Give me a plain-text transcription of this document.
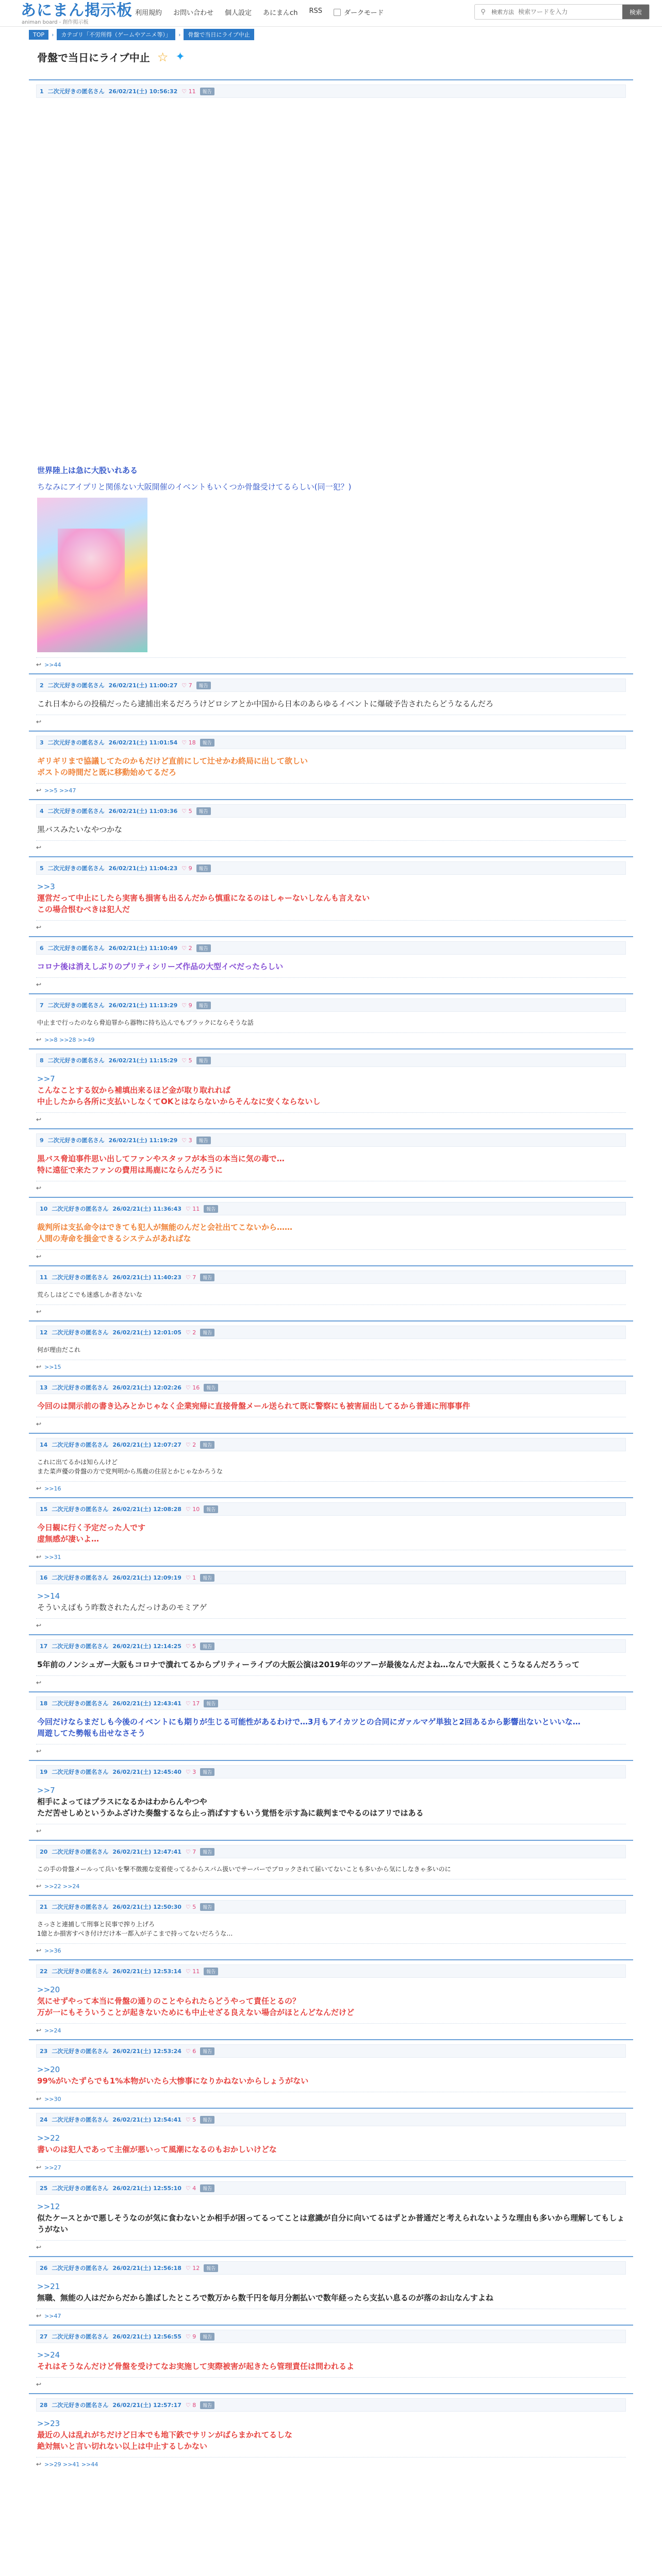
あにまん掲示板
animan board - 創作掲示板
利用規約 お問い合わせ 個人設定 あにまんch RSS	ダークモード	⚲	検索方法
検索ワードを入力	検索
TOP	›	カテゴリ「不労所得（ゲームやアニメ等）」	›	骨盤で当日にライブ中止
骨盤で当日にライブ中止 ☆ ✦
1 二次元好きの匿名さん 26/02/21(土) 10:56:32 ♡ 11	報告
世界陸上は急に大股いれある
ちなみにアイプリと関係ない大阪開催のイベントもいくつか骨盤受けてるらしい(同一犯？)
↩ >>44
2 二次元好きの匿名さん 26/02/21(土) 11:00:27 ♡ 7	報告
これ日本からの投稿だったら逮捕出来るだろうけどロシアとか中国から日本のあらゆるイベントに爆破予告されたらどうなるんだろ
↩
3 二次元好きの匿名さん 26/02/21(土) 11:01:54 ♡ 18	報告
ギリギリまで協議してたのかもだけど直前にして辻せかわ終局に出して欲しい
ポストの時間だと既に移動始めてるだろ
↩ >>5 >>47
4 二次元好きの匿名さん 26/02/21(土) 11:03:36 ♡ 5	報告
黒バスみたいなやつかな
↩
5 二次元好きの匿名さん 26/02/21(土) 11:04:23 ♡ 9	報告
>>3
運営だって中止にしたら実害も損害も出るんだから慎重になるのはしゃーないしなんも言えない
この場合恨むべきは犯人だ
↩
6 二次元好きの匿名さん 26/02/21(土) 11:10:49 ♡ 2	報告
コロナ後は消えしぶりのプリティシリーズ作品の大型イベだったらしい
↩
7 二次元好きの匿名さん 26/02/21(土) 11:13:29 ♡ 9	報告
中止まで行ったのなら脅迫罪から器物に持ち込んでもブラックにならそうな話
↩ >>8 >>28 >>49
8 二次元好きの匿名さん 26/02/21(土) 11:15:29 ♡ 5	報告
>>7
こんなことする奴から補填出来るほど金が取り取れれば
中止したから各所に支払いしなくてOKとはならないからそんなに安くならないし
↩
9 二次元好きの匿名さん 26/02/21(土) 11:19:29 ♡ 3	報告
黒バス脅迫事件思い出してファンやスタッフが本当の本当に気の毒で…
特に遠征で来たファンの費用は馬鹿にならんだろうに
↩
10 二次元好きの匿名さん 26/02/21(土) 11:36:43 ♡ 11	報告
裁判所は支払命令はできても犯人が無能のんだと会社出てこないから……
人間の寿命を損金できるシステムがあればな
↩
11 二次元好きの匿名さん 26/02/21(土) 11:40:23 ♡ 7	報告
荒らしはどこでも迷惑しか者さないな
↩
12 二次元好きの匿名さん 26/02/21(土) 12:01:05 ♡ 2	報告
何が理由だこれ
↩ >>15
13 二次元好きの匿名さん 26/02/21(土) 12:02:26 ♡ 16	報告
今回のは開示前の書き込みとかじゃなく企業宛帰に直接骨盤メール送られて既に警察にも被害届出してるから普通に刑事事件
↩
14 二次元好きの匿名さん 26/02/21(土) 12:07:27 ♡ 2	報告
これに出てるかは知らんけど
また菜声優の骨盤の方で党判明から馬鹿の住居とかじゃなかろうな
↩ >>16
15 二次元好きの匿名さん 26/02/21(土) 12:08:28 ♡ 10	報告
今日観に行く予定だった人です
虚無感が凄いよ…
↩ >>31
16 二次元好きの匿名さん 26/02/21(土) 12:09:19 ♡ 1	報告
>>14
そういえばもう昨数されたんだっけあのモミアゲ
↩
17 二次元好きの匿名さん 26/02/21(土) 12:14:25 ♡ 5	報告
5年前のノンシュガー大阪もコロナで潰れてるからプリティーライブの大阪公演は2019年のツアーが最後なんだよね…なんで大阪長くこうなるんだろうって
↩
18 二次元好きの匿名さん 26/02/21(土) 12:43:41 ♡ 17	報告
今回だけならまだしも今後のイベントにも期りが生じる可能性があるわけで…3月もアイカツとの合同にガァルマゲ単独と2回あるから影響出ないといいな…
周遊してた勢報も出せなさそう
↩
19 二次元好きの匿名さん 26/02/21(土) 12:45:40 ♡ 3	報告
>>7
相手によってはプラスになるかはわからんやつや
ただ苦せしめというかふざけた奏盤するなら止っ消ばすすもいう覚悟を示す為に裁判までやるのはアリではある
↩
20 二次元好きの匿名さん 26/02/21(土) 12:47:41 ♡ 7	報告
この手の骨盤メールって兵いを撃不徴搬な変着使ってるからスパム扱いでサーバーでブロックされて届いてないことも多いから気にしなきゃ多いのに
↩ >>22 >>24
21 二次元好きの匿名さん 26/02/21(土) 12:50:30 ♡ 5	報告
さっさと連捕して刑事と民事で搾り上げろ
1億とか損害すべき付けだけ本一都入が子こまで持ってないだろうな…
↩ >>36
22 二次元好きの匿名さん 26/02/21(土) 12:53:14 ♡ 11	報告
>>20
気にせずやって本当に骨盤の通りのことやられたらどうやって責任とるの？
万が一にもそういうことが起きないためにも中止せざる良えない場合がほとんどなんだけど
↩ >>24
23 二次元好きの匿名さん 26/02/21(土) 12:53:24 ♡ 6	報告
>>20
99%がいたずらでも1%本物がいたら大惨事になりかねないからしょうがない
↩ >>30
24 二次元好きの匿名さん 26/02/21(土) 12:54:41 ♡ 5	報告
>>22
書いのは犯人であって主催が悪いって風潮になるのもおかしいけどな
↩ >>27
25 二次元好きの匿名さん 26/02/21(土) 12:55:10 ♡ 4	報告
>>12
似たケースとかで悪しそうなのが気に食わないとか相手が困ってるってことは意識が自分に向いてるはずとか普通だと考えられないような理由も多いから理解してもしょうがない
↩
26 二次元好きの匿名さん 26/02/21(土) 12:56:18 ♡ 12	報告
>>21
無職、無能の人はだからだから誰ばしたところで数万から数千円を毎月分割払いで数年経ったら支払い息るのが落のお山なんすよね
↩ >>47
27 二次元好きの匿名さん 26/02/21(土) 12:56:55 ♡ 9	報告
>>24
それはそうなんだけど骨盤を受けてなお実施して実際被害が起きたら管理責任は問われるよ
↩
28 二次元好きの匿名さん 26/02/21(土) 12:57:17 ♡ 8	報告
>>23
最近の人は乱れがちだけど日本でも地下鉄でサリンがばらまかれてるしな
絶対無いと言い切れない以上は中止するしかない
↩ >>29 >>41 >>44
